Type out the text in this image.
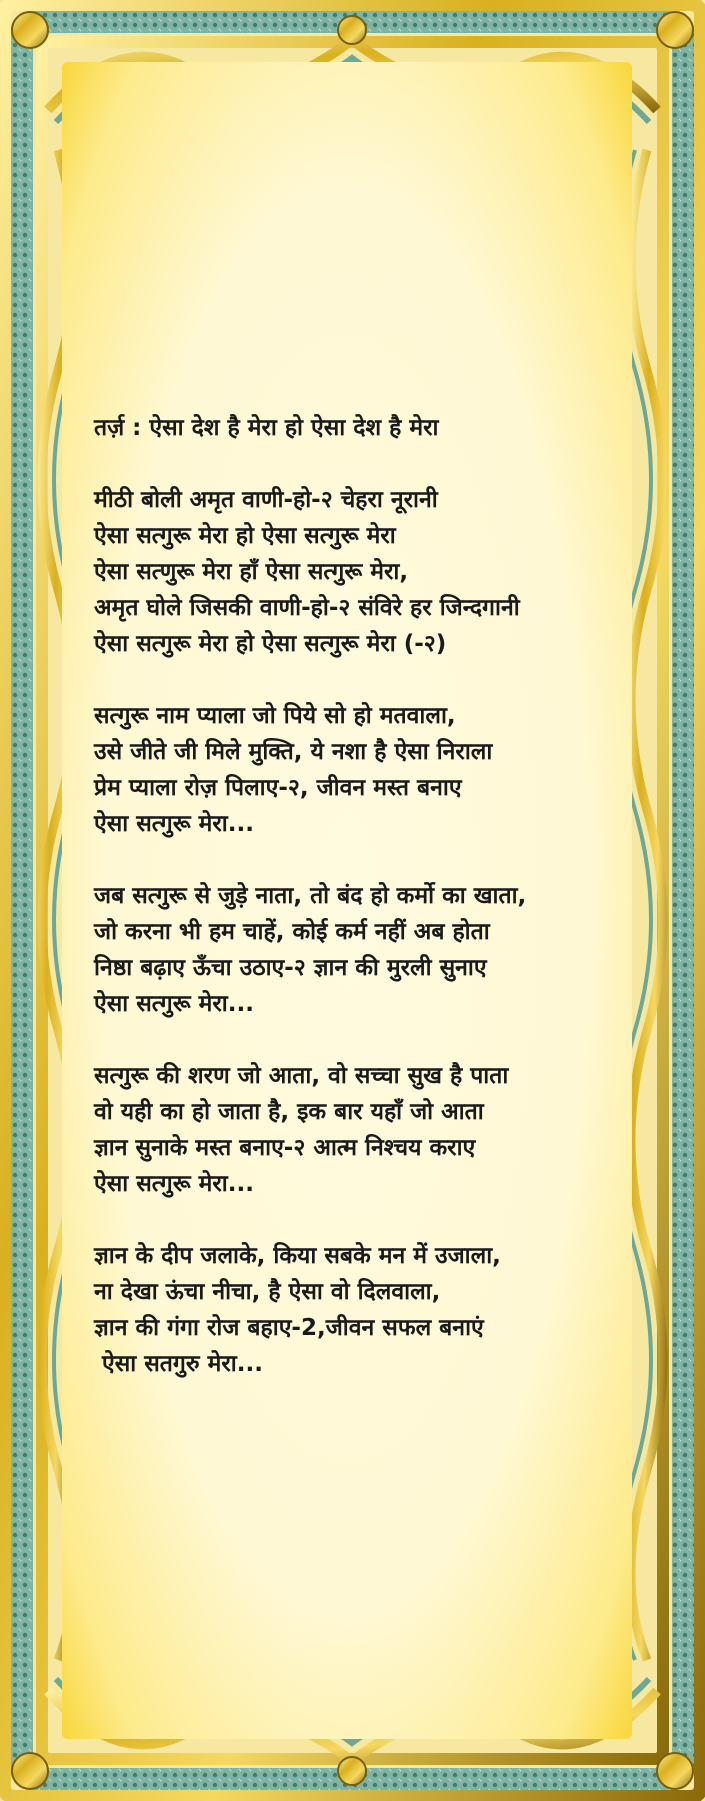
तर्ज़ : ऐसा देश है मेरा हो ऐसा देश है मेरा
मीठी बोली अमृत वाणी-हो-२ चेहरा नूरानी
ऐसा सत्गुरू मेरा हो ऐसा सत्गुरू मेरा
ऐसा सत्णुरू मेरा हाँ ऐसा सत्गुरू मेरा,
अमृत घोले जिसकी वाणी-हो-२ संविरे हर जिन्दगानी
ऐसा सत्गुरू मेरा हो ऐसा सत्गुरू मेरा (-२)
सत्गुरू नाम प्याला जो पिये सो हो मतवाला,
उसे जीते जी मिले मुक्ति, ये नशा है ऐसा निराला
प्रेम प्याला रोज़ पिलाए-२, जीवन मस्त बनाए
ऐसा सत्गुरू मेरा...
जब सत्गुरू से जुड़े नाता, तो बंद हो कर्मो का खाता,
जो करना भी हम चाहें, कोई कर्म नहीं अब होता
निष्ठा बढ़ाए ऊँचा उठाए-२ ज्ञान की मुरली सुनाए
ऐसा सत्गुरू मेरा...
सत्गुरू की शरण जो आता, वो सच्चा सुख है पाता
वो यही का हो जाता है, इक बार यहाँ जो आता
ज्ञान सुनाके मस्त बनाए-२ आत्म निश्चय कराए
ऐसा सत्गुरू मेरा...
ज्ञान के दीप जलाके, किया सबके मन में उजाला,
ना देखा ऊंचा नीचा, है ऐसा वो दिलवाला,
ज्ञान की गंगा रोज बहाए-2,जीवन सफल बनाएं
ऐसा सतगुरु मेरा...
